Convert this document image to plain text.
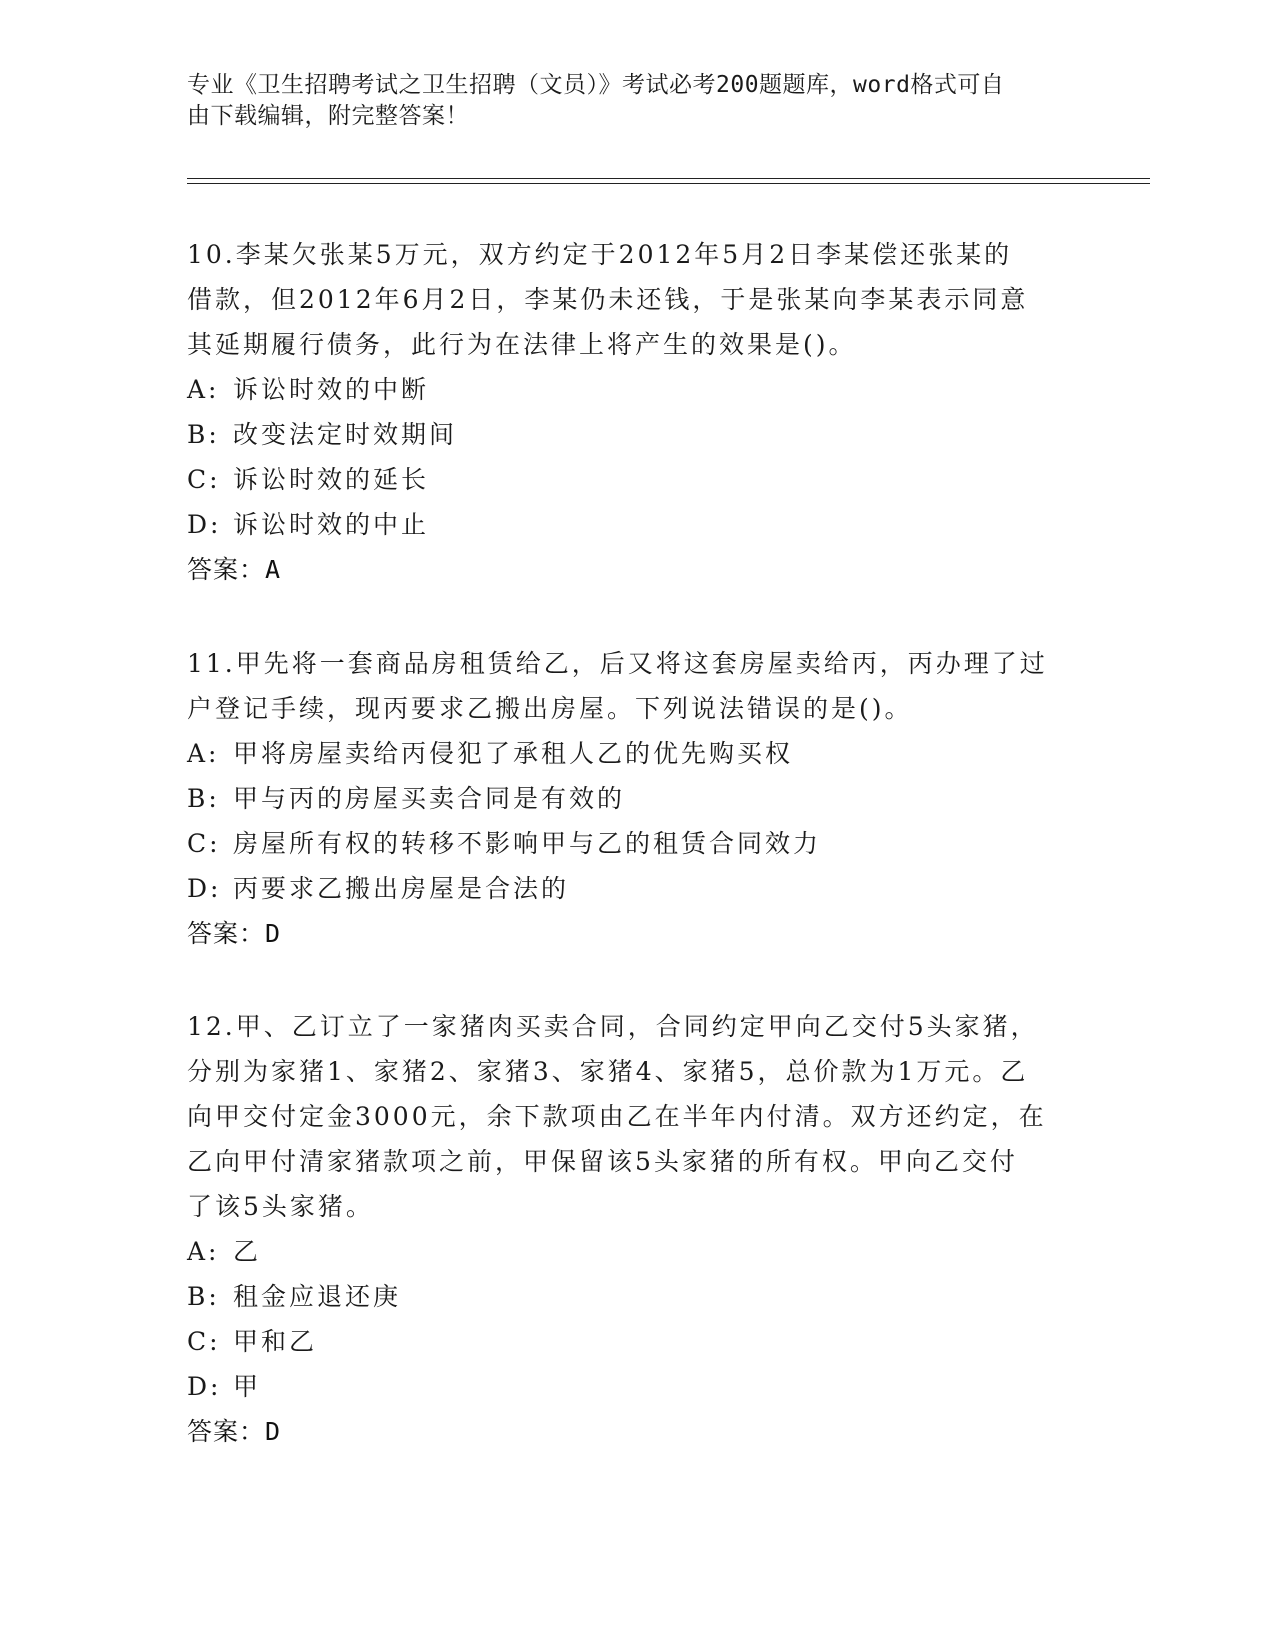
专业《卫生招聘考试之卫生招聘（文员）》考试必考200题题库，word格式可自
由下载编辑，附完整答案！

10.李某欠张某5万元，双方约定于2012年5月2日李某偿还张某的

借款，但2012年6月2日，李某仍未还钱，于是张某向李某表示同意

其延期履行债务，此行为在法律上将产生的效果是()。

A: 诉讼时效的中断

B: 改变法定时效期间

C: 诉讼时效的延长

D: 诉讼时效的中止

答案：A

11.甲先将一套商品房租赁给乙，后又将这套房屋卖给丙，丙办理了过

户登记手续，现丙要求乙搬出房屋。下列说法错误的是()。

A: 甲将房屋卖给丙侵犯了承租人乙的优先购买权

B: 甲与丙的房屋买卖合同是有效的

C: 房屋所有权的转移不影响甲与乙的租赁合同效力

D: 丙要求乙搬出房屋是合法的

答案：D

12.甲、乙订立了一家猪肉买卖合同，合同约定甲向乙交付5头家猪，

分别为家猪1、家猪2、家猪3、家猪4、家猪5，总价款为1万元。乙

向甲交付定金3000元，余下款项由乙在半年内付清。双方还约定，在

乙向甲付清家猪款项之前，甲保留该5头家猪的所有权。甲向乙交付

了该5头家猪。

A: 乙

B: 租金应退还庚

C: 甲和乙

D: 甲

答案：D
